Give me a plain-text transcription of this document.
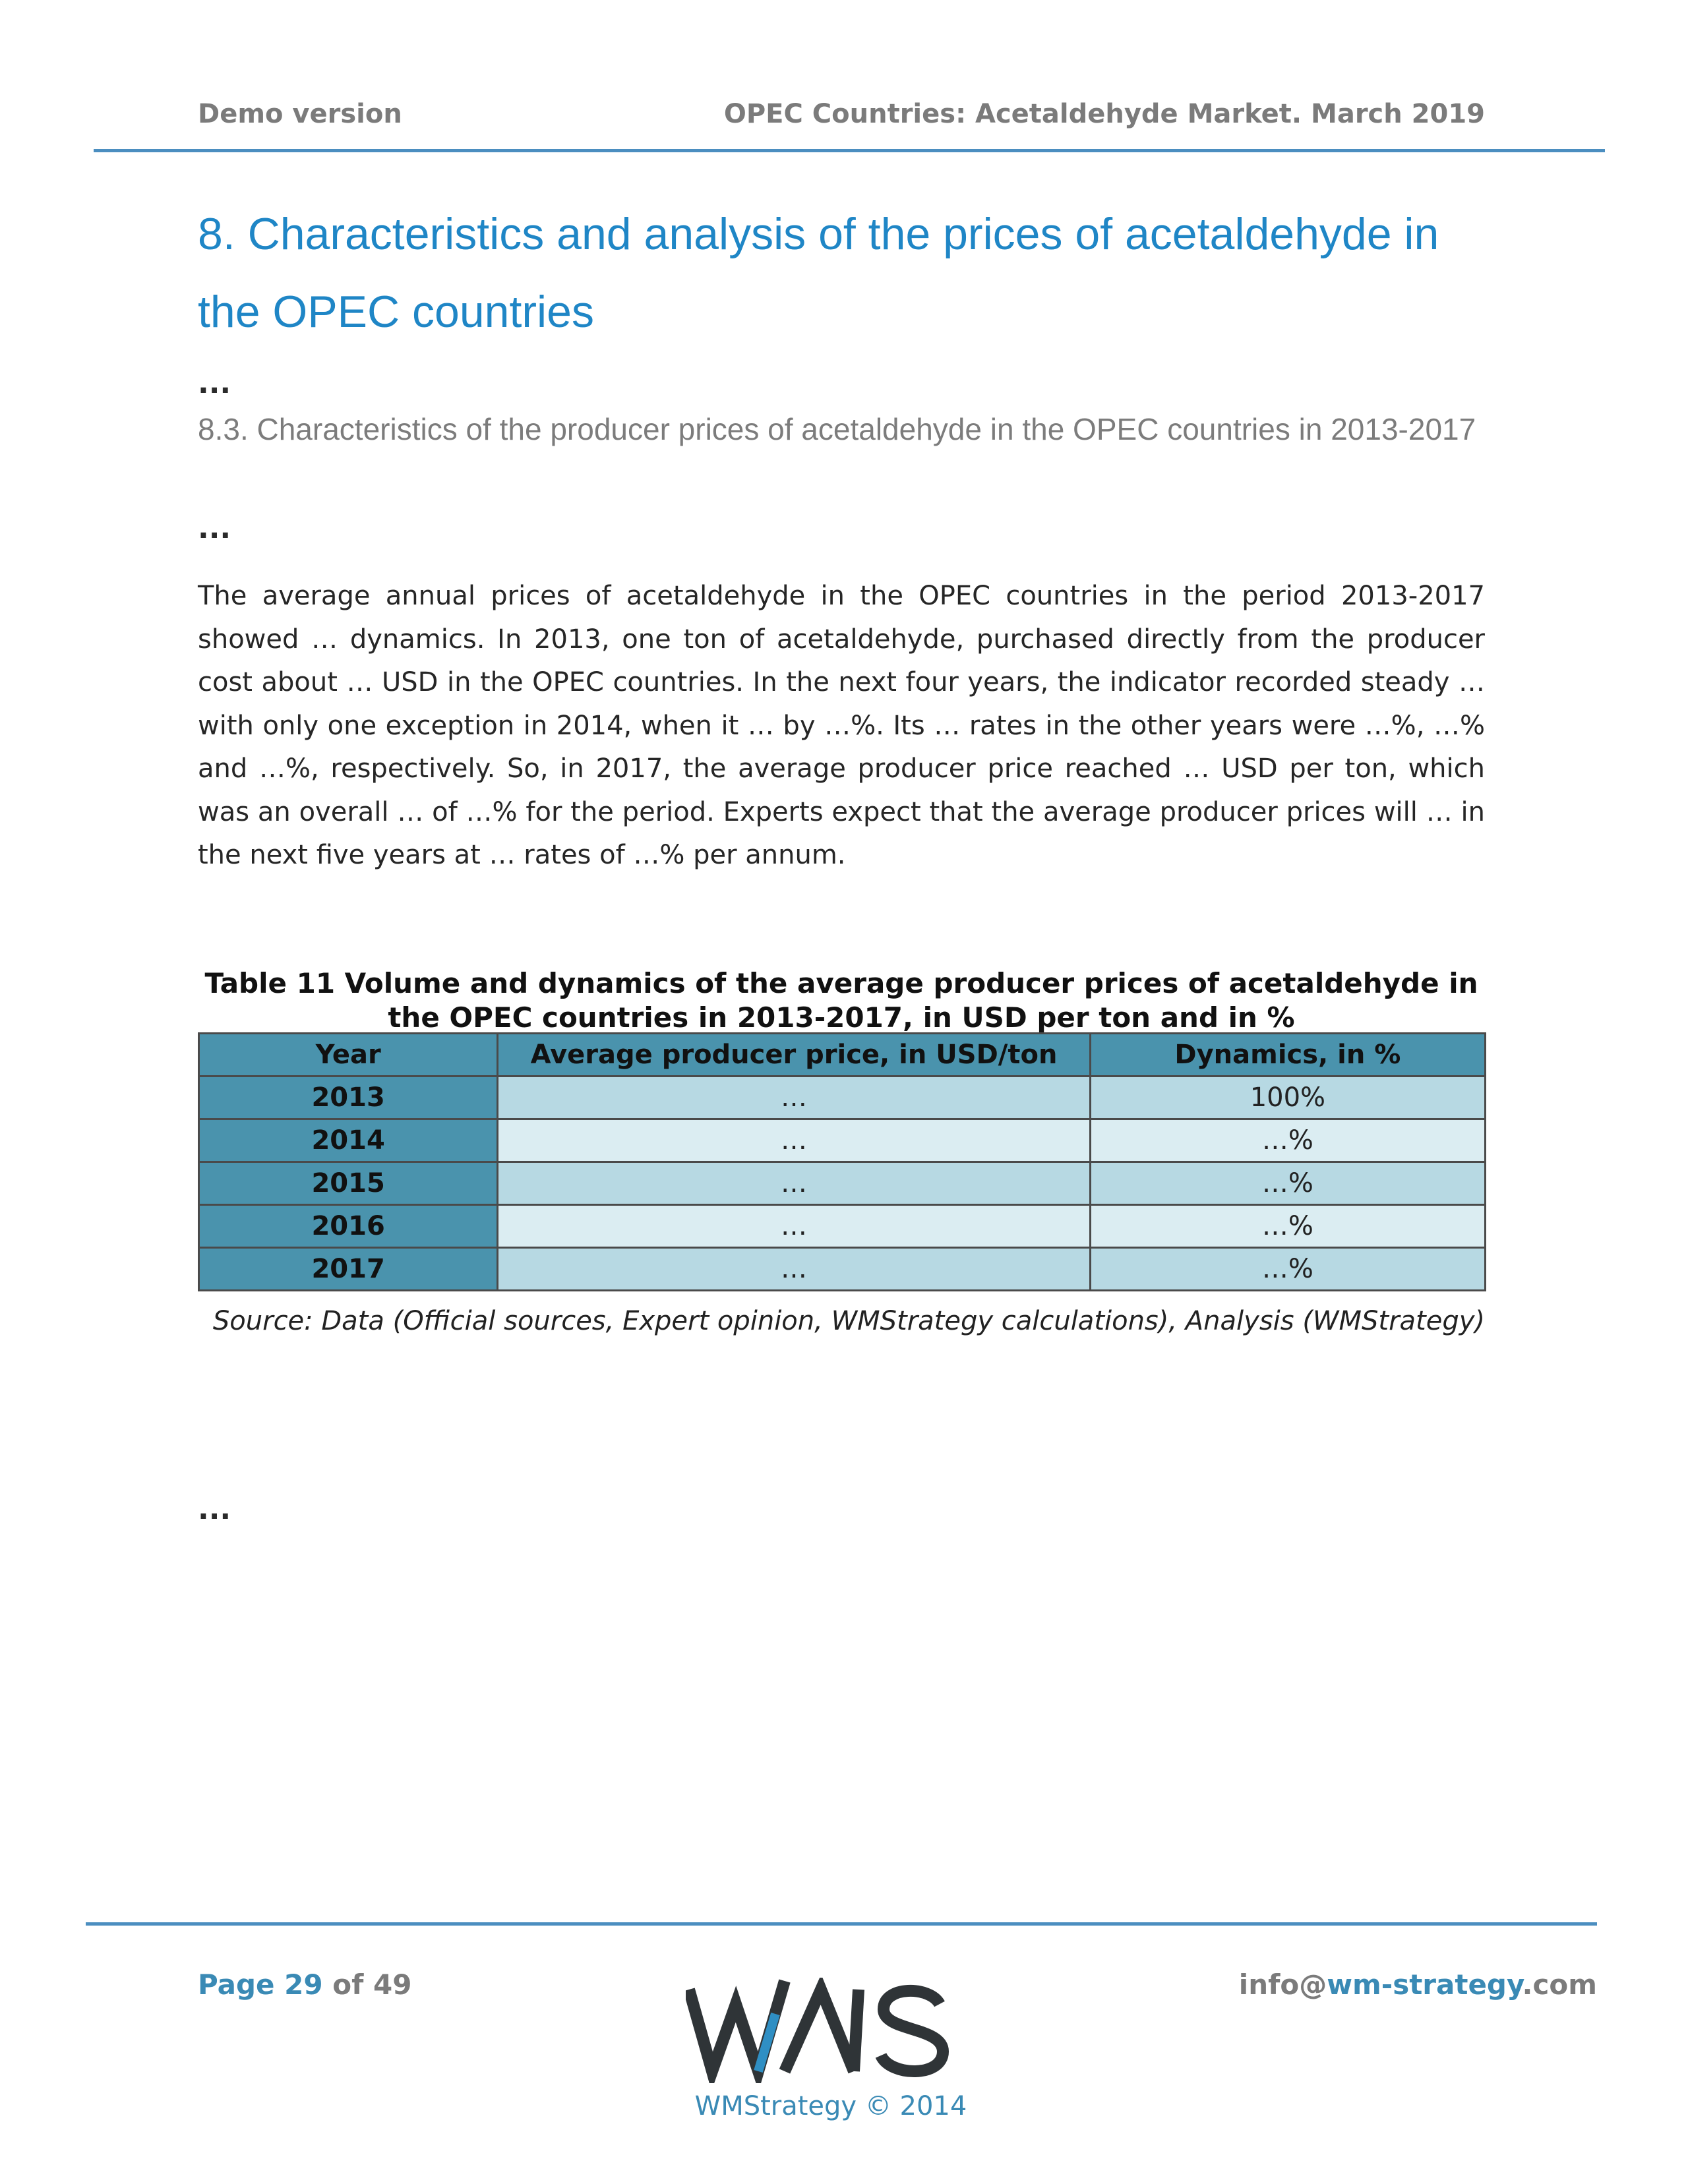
Demo version	OPEC Countries: Acetaldehyde Market. March 2019
8. Characteristics and analysis of the prices of acetaldehyde in the OPEC countries
...
8.3. Characteristics of the producer prices of acetaldehyde in the OPEC countries in 2013-2017
...
The average annual prices of acetaldehyde in the OPEC countries in the period 2013-2017 showed … dynamics. In 2013, one ton of acetaldehyde, purchased directly from the producer cost about … USD in the OPEC countries. In the next four years, the indicator recorded steady … with only one exception in 2014, when it … by …%. Its … rates in the other years were …%, …% and …%, respectively. So, in 2017, the average producer price reached … USD per ton, which was an overall … of …% for the period. Experts expect that the average producer prices will … in the next five years at … rates of …% per annum.
Table 11 Volume and dynamics of the average producer prices of acetaldehyde in the OPEC countries in 2013-2017, in USD per ton and in %
Year	Average producer price, in USD/ton	Dynamics, in %
2013	…	100%
2014	…	…%
2015	…	…%
2016	…	…%
2017	…	…%
Source: Data (Official sources, Expert opinion, WMStrategy calculations), Analysis (WMStrategy)
...
Page 29 of 49	info@wm-strategy.com
WMStrategy © 2014
